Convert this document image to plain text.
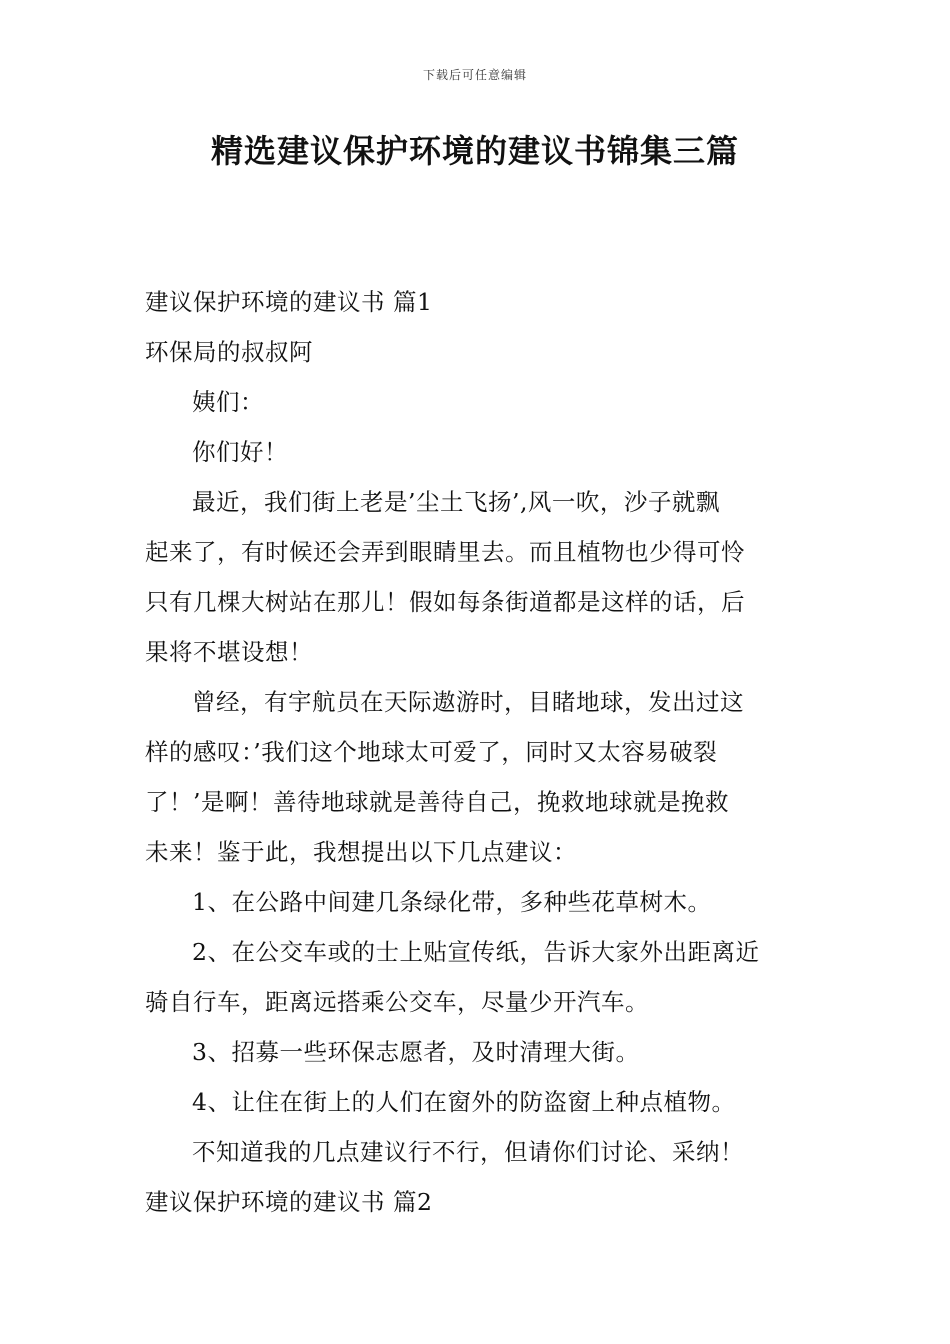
下载后可任意编辑
精选建议保护环境的建议书锦集三篇

建议保护环境的建议书 篇1

环保局的叔叔阿

姨们：

你们好！

最近，我们街上老是’尘土飞扬’,风一吹，沙子就飘
起来了，有时候还会弄到眼睛里去。而且植物也少得可怜
只有几棵大树站在那儿！假如每条街道都是这样的话，后
果将不堪设想！

曾经，有宇航员在天际遨游时，目睹地球，发出过这
样的感叹：’我们这个地球太可爱了，同时又太容易破裂
了！’是啊！善待地球就是善待自己，挽救地球就是挽救
未来！鉴于此，我想提出以下几点建议：

1、在公路中间建几条绿化带，多种些花草树木。

2、在公交车或的士上贴宣传纸，告诉大家外出距离近
骑自行车，距离远搭乘公交车，尽量少开汽车。

3、招募一些环保志愿者，及时清理大街。

4、让住在街上的人们在窗外的防盗窗上种点植物。

不知道我的几点建议行不行，但请你们讨论、采纳！

建议保护环境的建议书 篇2
